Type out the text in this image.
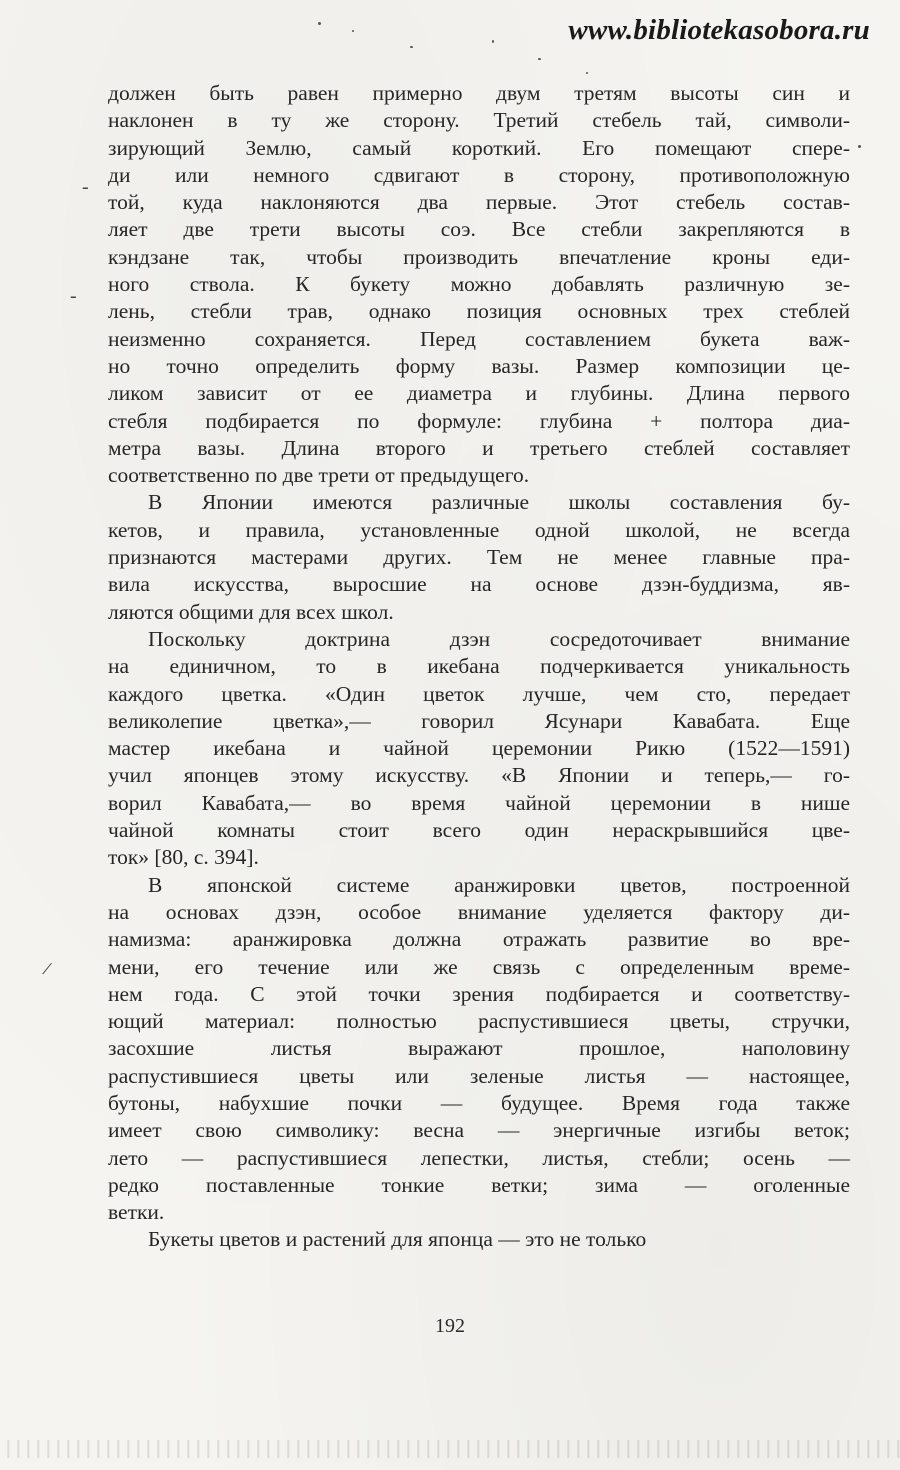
www.bibliotekasobora.ru
-
-
/
должен быть равен примерно двум третям высоты син и
наклонен в ту же сторону. Третий стебель тай, символи-
зирующий Землю, самый короткий. Его помещают спере-
ди или немного сдвигают в сторону, противоположную
той, куда наклоняются два первые. Этот стебель состав-
ляет две трети высоты соэ. Все стебли закрепляются в
кэндзане так, чтобы производить впечатление кроны еди-
ного ствола. К букету можно добавлять различную зе-
лень, стебли трав, однако позиция основных трех стеблей
неизменно сохраняется. Перед составлением букета важ-
но точно определить форму вазы. Размер композиции це-
ликом зависит от ее диаметра и глубины. Длина первого
стебля подбирается по формуле: глубина + полтора диа-
метра вазы. Длина второго и третьего стеблей составляет
соответственно по две трети от предыдущего.
В Японии имеются различные школы составления бу-
кетов, и правила, установленные одной школой, не всегда
признаются мастерами других. Тем не менее главные пра-
вила искусства, выросшие на основе дзэн-буддизма, яв-
ляются общими для всех школ.
Поскольку доктрина дзэн сосредоточивает внимание
на единичном, то в икебана подчеркивается уникальность
каждого цветка. «Один цветок лучше, чем сто, передает
великолепие цветка»,— говорил Ясунари Кавабата. Еще
мастер икебана и чайной церемонии Рикю (1522—1591)
учил японцев этому искусству. «В Японии и теперь,— го-
ворил Кавабата,— во время чайной церемонии в нише
чайной комнаты стоит всего один нераскрывшийся цве-
ток» [80, с. 394].
В японской системе аранжировки цветов, построенной
на основах дзэн, особое внимание уделяется фактору ди-
намизма: аранжировка должна отражать развитие во вре-
мени, его течение или же связь с определенным време-
нем года. С этой точки зрения подбирается и соответству-
ющий материал: полностью распустившиеся цветы, стручки,
засохшие листья выражают прошлое, наполовину
распустившиеся цветы или зеленые листья — настоящее,
бутоны, набухшие почки — будущее. Время года также
имеет свою символику: весна — энергичные изгибы веток;
лето — распустившиеся лепестки, листья, стебли; осень —
редко поставленные тонкие ветки; зима — оголенные
ветки.
Букеты цветов и растений для японца — это не только
192
